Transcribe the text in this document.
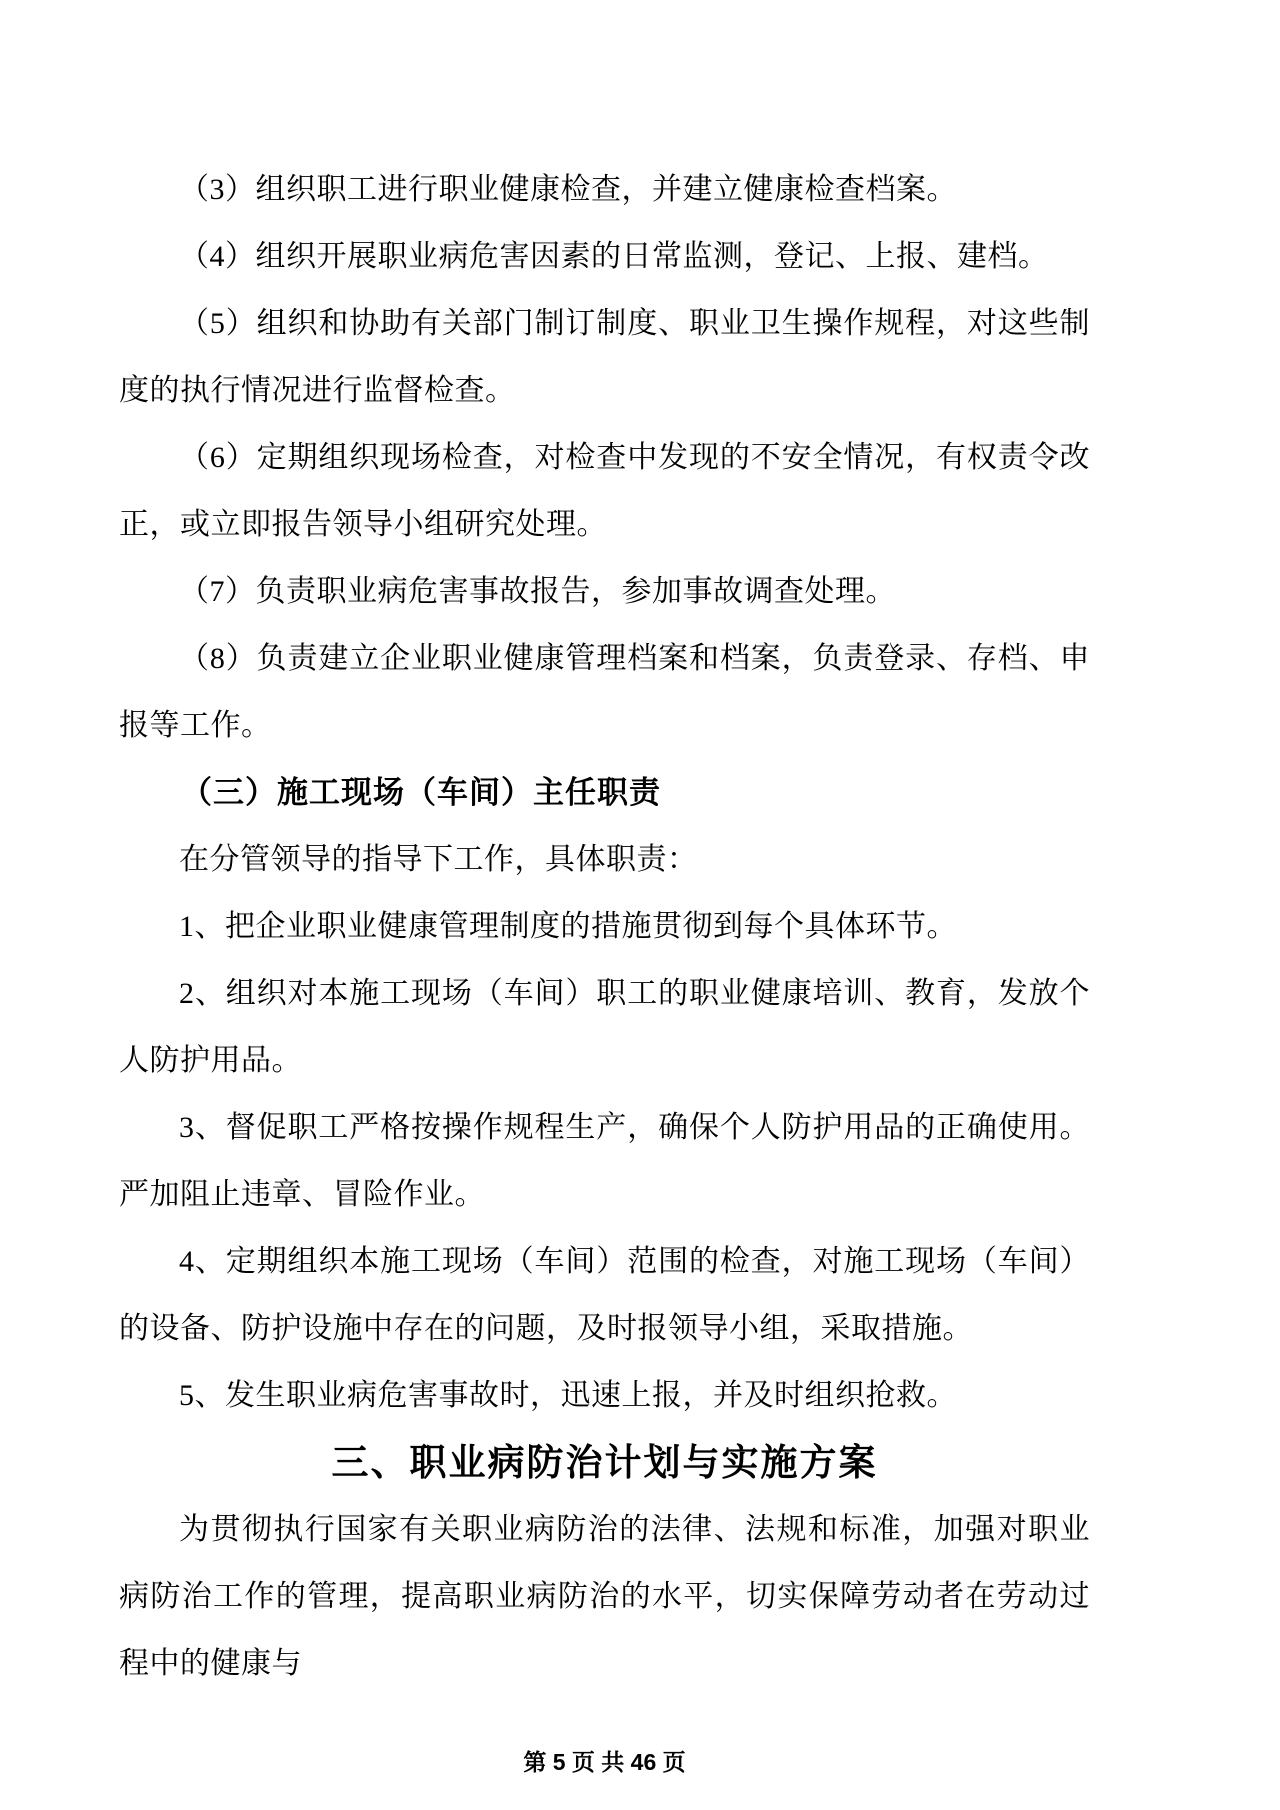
（3）组织职工进行职业健康检查，并建立健康检查档案。

（4）组织开展职业病危害因素的日常监测，登记、上报、建档。

（5）组织和协助有关部门制订制度、职业卫生操作规程，对这些制度的执行情况进行监督检查。

（6）定期组织现场检查，对检查中发现的不安全情况，有权责令改正，或立即报告领导小组研究处理。

（7）负责职业病危害事故报告，参加事故调查处理。

（8）负责建立企业职业健康管理档案和档案，负责登录、存档、申报等工作。

（三）施工现场（车间）主任职责

在分管领导的指导下工作，具体职责：

1、把企业职业健康管理制度的措施贯彻到每个具体环节。

2、组织对本施工现场（车间）职工的职业健康培训、教育，发放个人防护用品。

3、督促职工严格按操作规程生产，确保个人防护用品的正确使用。严加阻止违章、冒险作业。

4、定期组织本施工现场（车间）范围的检查，对施工现场（车间）的设备、防护设施中存在的问题，及时报领导小组，采取措施。

5、发生职业病危害事故时，迅速上报，并及时组织抢救。

三、职业病防治计划与实施方案

为贯彻执行国家有关职业病防治的法律、法规和标准，加强对职业病防治工作的管理，提高职业病防治的水平，切实保障劳动者在劳动过程中的健康与

第 5 页 共 46 页
